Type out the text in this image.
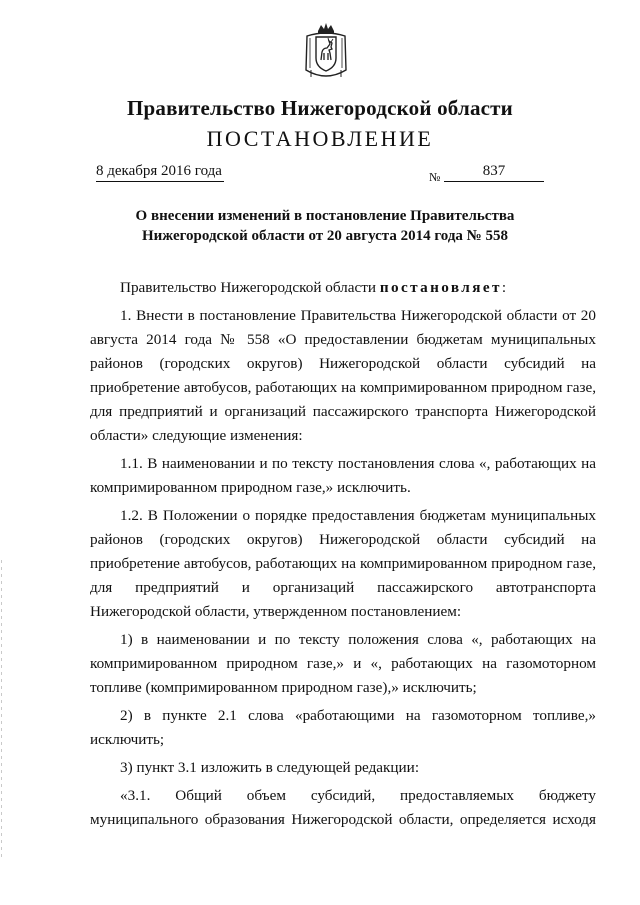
Правительство Нижегородской области
ПОСТАНОВЛЕНИЕ
8 декабря 2016 года	№	837
О внесении изменений в постановление Правительства
Нижегородской области от 20 августа 2014 года № 558

Правительство Нижегородской области постановляет:

1. Внести в постановление Правительства Нижегородской области от 20 августа 2014 года № 558 «О предоставлении бюджетам муниципальных районов (городских округов) Нижегородской области субсидий на приобретение автобусов, работающих на компримированном природном газе, для предприятий и организаций пассажирского транспорта Нижегородской области» следующие изменения:

1.1. В наименовании и по тексту постановления слова «, работающих на компримированном природном газе,» исключить.

1.2. В Положении о порядке предоставления бюджетам муниципальных районов (городских округов) Нижегородской области субсидий на приобретение автобусов, работающих на компримированном природном газе, для предприятий и организаций пассажирского автотранспорта Нижегородской области, утвержденном постановлением:

1) в наименовании и по тексту положения слова «, работающих на компримированном природном газе,» и «, работающих на газомоторном топливе (компримированном природном газе),» исключить;

2) в пункте 2.1 слова «работающими на газомоторном топливе,» исключить;

3) пункт 3.1 изложить в следующей редакции:

«3.1. Общий объем субсидий, предоставляемых бюджету муниципального образования Нижегородской области, определяется исходя
